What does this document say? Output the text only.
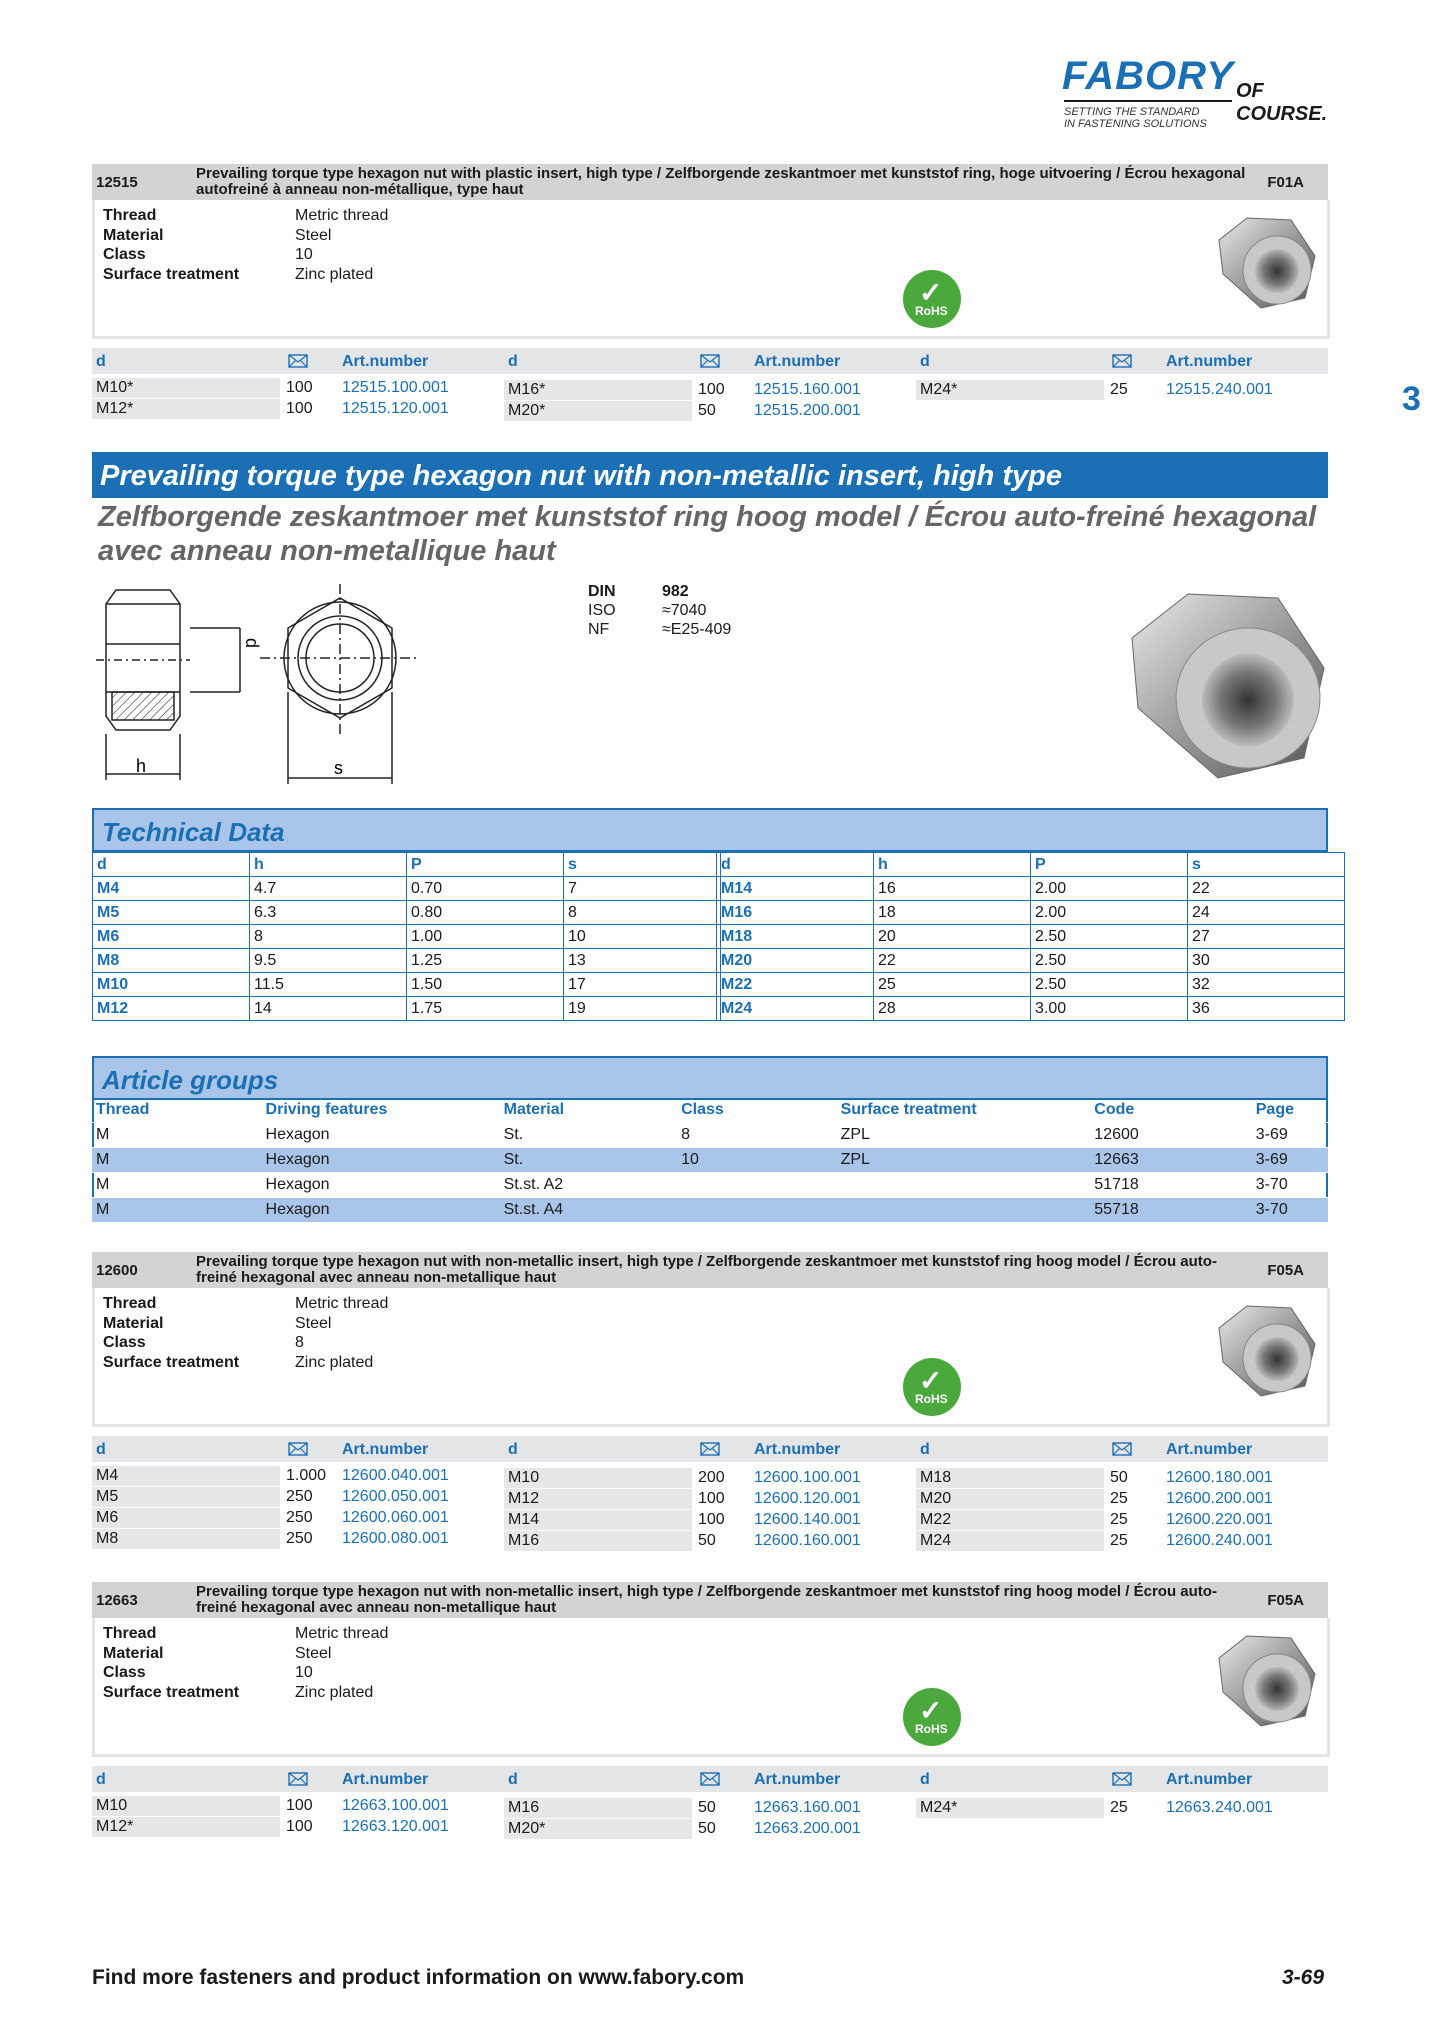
FABORY OF COURSE.
SETTING THE STANDARD
IN FASTENING SOLUTIONS
3
12515
Prevailing torque type hexagon nut with plastic insert, high type / Zelfborgende zeskantmoer met kunststof ring, hoge uitvoering / Écrou hexagonal autofreiné à anneau non-métallique, type haut	F01A
Thread	Metric thread
Material	Steel
Class	10
Surface treatment	Zinc plated
✓
RoHS
d	Art.number	d	Art.number	d	Art.number
M10*	100	12515.100.001
M12*	100	12515.120.001
M16*	100	12515.160.001
M20*	50	12515.200.001
M24*	25	12515.240.001
Prevailing torque type hexagon nut with non-metallic insert, high type
Zelfborgende zeskantmoer met kunststof ring hoog model / Écrou auto-freiné hexagonal
avec anneau non-metallique haut
DIN	982
ISO	≈7040
NF	≈E25-409
h
d
s
Technical Data
d	h	P	s
M4	4.7	0.70	7
M5	6.3	0.80	8
M6	8	1.00	10
M8	9.5	1.25	13
M10	11.5	1.50	17
M12	14	1.75	19
d	h	P	s
M14	16	2.00	22
M16	18	2.00	24
M18	20	2.50	27
M20	22	2.50	30
M22	25	2.50	32
M24	28	3.00	36
Article groups
Thread	Driving features	Material	Class	Surface treatment	Code	Page
M	Hexagon	St.	8	ZPL	12600	3-69
M	Hexagon	St.	10	ZPL	12663	3-69
M	Hexagon	St.st. A2			51718	3-70
M	Hexagon	St.st. A4			55718	3-70
12600
Prevailing torque type hexagon nut with non-metallic insert, high type / Zelfborgende zeskantmoer met kunststof ring hoog model / Écrou auto-freiné hexagonal avec anneau non-metallique haut	F05A
Thread	Metric thread
Material	Steel
Class	8
Surface treatment	Zinc plated
✓
RoHS
d	Art.number	d	Art.number	d	Art.number
M4	1.000 12600.040.001
M5	250	12600.050.001
M6	250	12600.060.001
M8	250	12600.080.001
M10	200	12600.100.001
M12	100	12600.120.001
M14	100	12600.140.001
M16	50	12600.160.001
M18	50	12600.180.001
M20	25	12600.200.001
M22	25	12600.220.001
M24	25	12600.240.001
12663
Prevailing torque type hexagon nut with non-metallic insert, high type / Zelfborgende zeskantmoer met kunststof ring hoog model / Écrou auto-freiné hexagonal avec anneau non-metallique haut	F05A
Thread	Metric thread
Material	Steel
Class	10
Surface treatment	Zinc plated
✓
RoHS
d	Art.number	d	Art.number	d	Art.number
M10	100	12663.100.001
M12*	100	12663.120.001
M16	50	12663.160.001
M20*	50	12663.200.001
M24*	25	12663.240.001
Find more fasteners and product information on www.fabory.com	3-69
